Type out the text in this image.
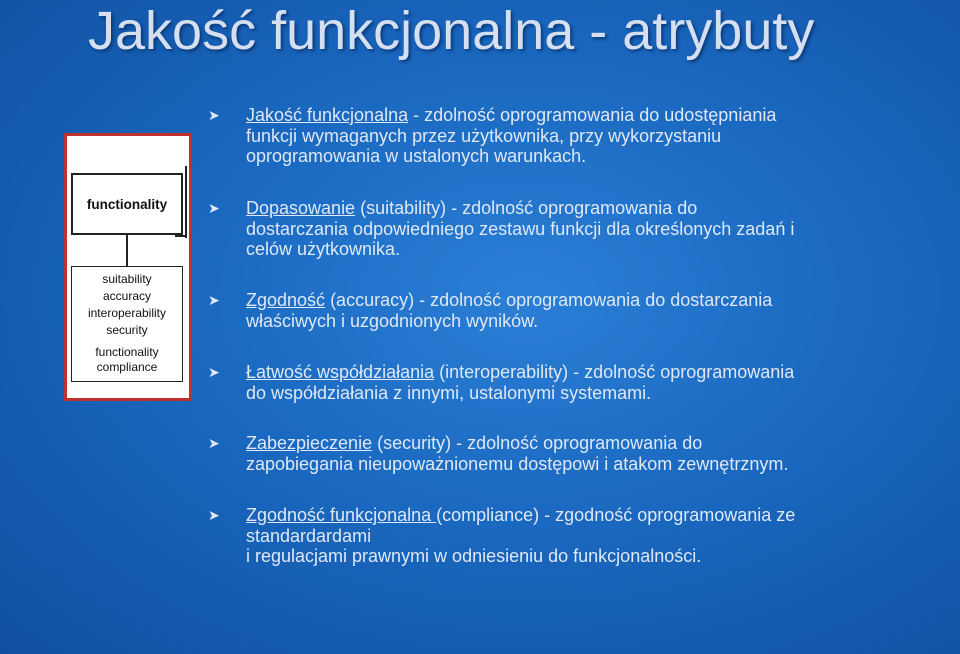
Jakość funkcjonalna - atrybuty
functionality
suitability
accuracy
interoperability
security
functionality
compliance
➤ Jakość funkcjonalna - zdolność oprogramowania do udostępniania
funkcji wymaganych przez użytkownika, przy wykorzystaniu
oprogramowania w ustalonych warunkach.
➤ Dopasowanie (suitability) - zdolność oprogramowania do
dostarczania odpowiedniego zestawu funkcji dla określonych zadań i
celów użytkownika.
➤ Zgodność (accuracy) - zdolność oprogramowania do dostarczania
właściwych i uzgodnionych wyników.
➤ Łatwość współdziałania (interoperability) - zdolność oprogramowania
do współdziałania z innymi, ustalonymi systemami.
➤ Zabezpieczenie (security) - zdolność oprogramowania do
zapobiegania nieupoważnionemu dostępowi i atakom zewnętrznym.
➤ Zgodność funkcjonalna (compliance) - zgodność oprogramowania ze
standardardami
i regulacjami prawnymi w odniesieniu do funkcjonalności.
